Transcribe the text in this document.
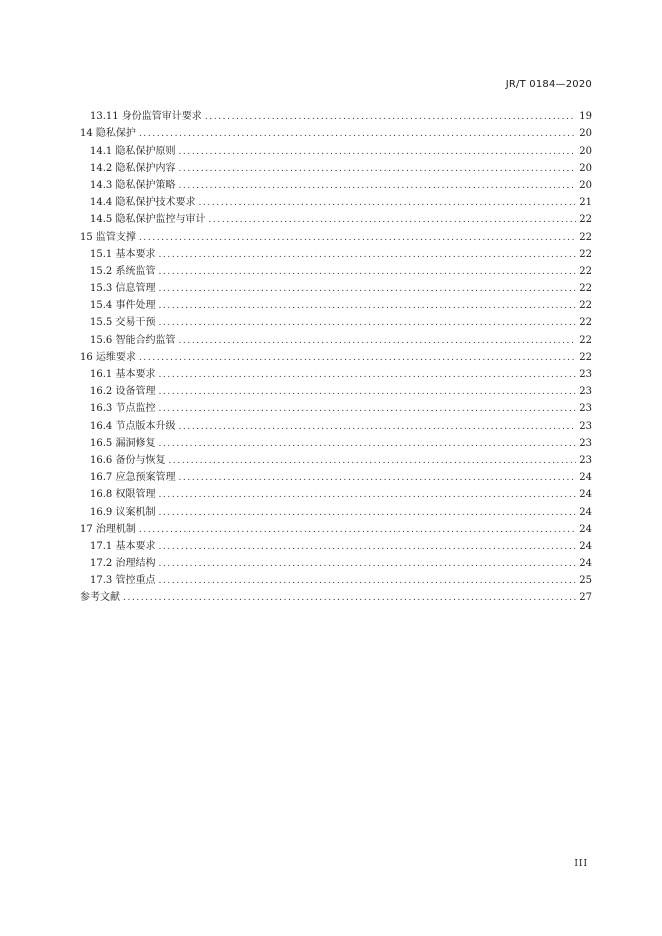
JR/T 0184—2020
13.11 身份监管审计要求 .....	19
14 隐私保护 .....	20
14.1 隐私保护原则 .....	20
14.2 隐私保护内容 .....	20
14.3 隐私保护策略 .....	20
14.4 隐私保护技术要求 .....	21
14.5 隐私保护监控与审计 .....	22
15 监管支撑 .....	22
15.1 基本要求 .....	22
15.2 系统监管 .....	22
15.3 信息管理 .....	22
15.4 事件处理 .....	22
15.5 交易干预 .....	22
15.6 智能合约监管 .....	22
16 运维要求 .....	22
16.1 基本要求 .....	23
16.2 设备管理 .....	23
16.3 节点监控 .....	23
16.4 节点版本升级 .....	23
16.5 漏洞修复 .....	23
16.6 备份与恢复 .....	23
16.7 应急预案管理 .....	24
16.8 权限管理 .....	24
16.9 议案机制 .....	24
17 治理机制 .....	24
17.1 基本要求 .....	24
17.2 治理结构 .....	24
17.3 管控重点 .....	25
参考文献 .....	27
III
